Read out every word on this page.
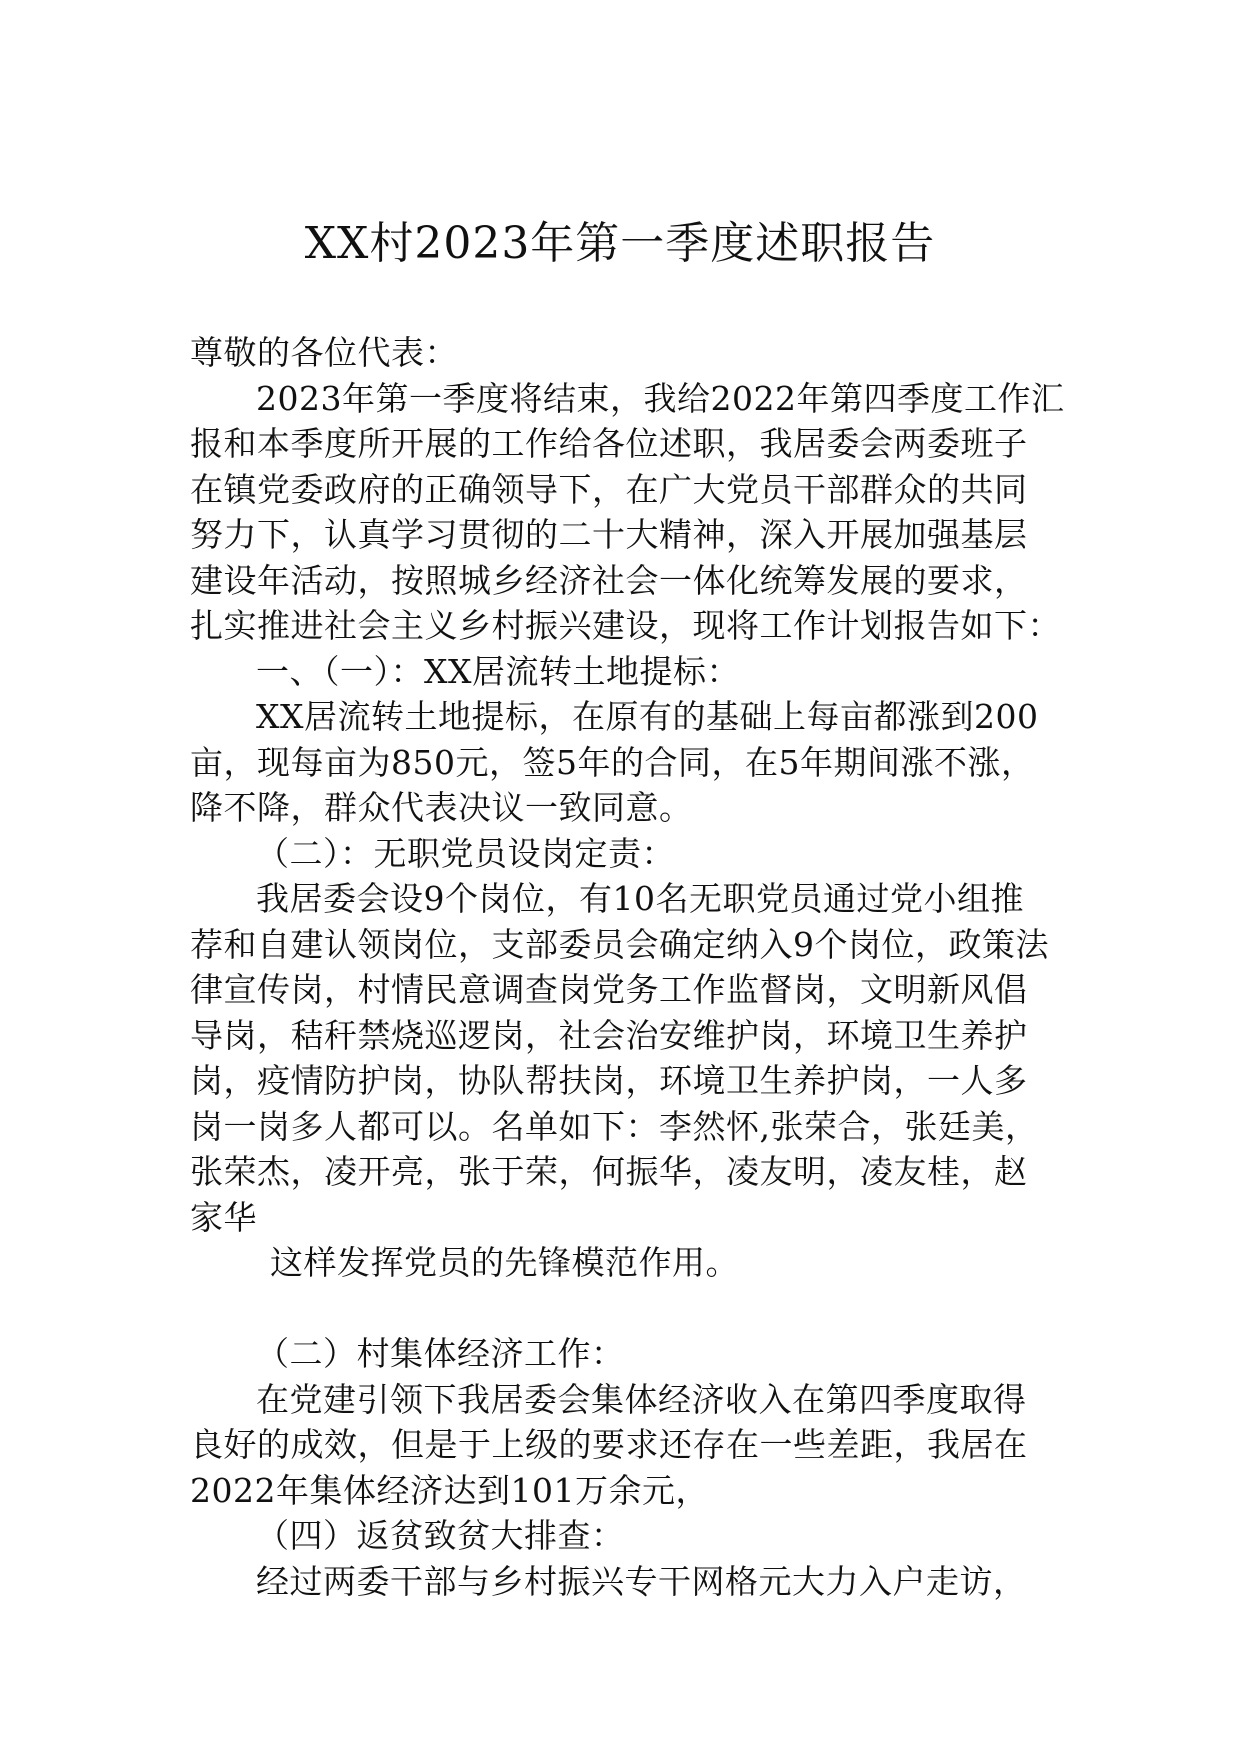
XX村2023年第一季度述职报告

尊敬的各位代表：

2023年第一季度将结束，我给2022年第四季度工作汇

报和本季度所开展的工作给各位述职，我居委会两委班子

在镇党委政府的正确领导下，在广大党员干部群众的共同

努力下，认真学习贯彻的二十大精神，深入开展加强基层

建设年活动，按照城乡经济社会一体化统筹发展的要求，

扎实推进社会主义乡村振兴建设，现将工作计划报告如下：

一、（一）：XX居流转土地提标：

XX居流转土地提标，在原有的基础上每亩都涨到200

亩，现每亩为850元，签5年的合同，在5年期间涨不涨，

降不降，群众代表决议一致同意。

（二）：无职党员设岗定责：

我居委会设9个岗位，有10名无职党员通过党小组推

荐和自建认领岗位，支部委员会确定纳入9个岗位，政策法

律宣传岗，村情民意调查岗党务工作监督岗，文明新风倡

导岗，秸秆禁烧巡逻岗，社会治安维护岗，环境卫生养护

岗，疫情防护岗，协队帮扶岗，环境卫生养护岗，一人多

岗一岗多人都可以。名单如下：李然怀,张荣合，张廷美，

张荣杰，凌开亮，张于荣，何振华，凌友明，凌友桂，赵

家华

这样发挥党员的先锋模范作用。

（二）村集体经济工作：

在党建引领下我居委会集体经济收入在第四季度取得

良好的成效，但是于上级的要求还存在一些差距，我居在

2022年集体经济达到101万余元，

（四）返贫致贫大排查：

经过两委干部与乡村振兴专干网格元大力入户走访，
